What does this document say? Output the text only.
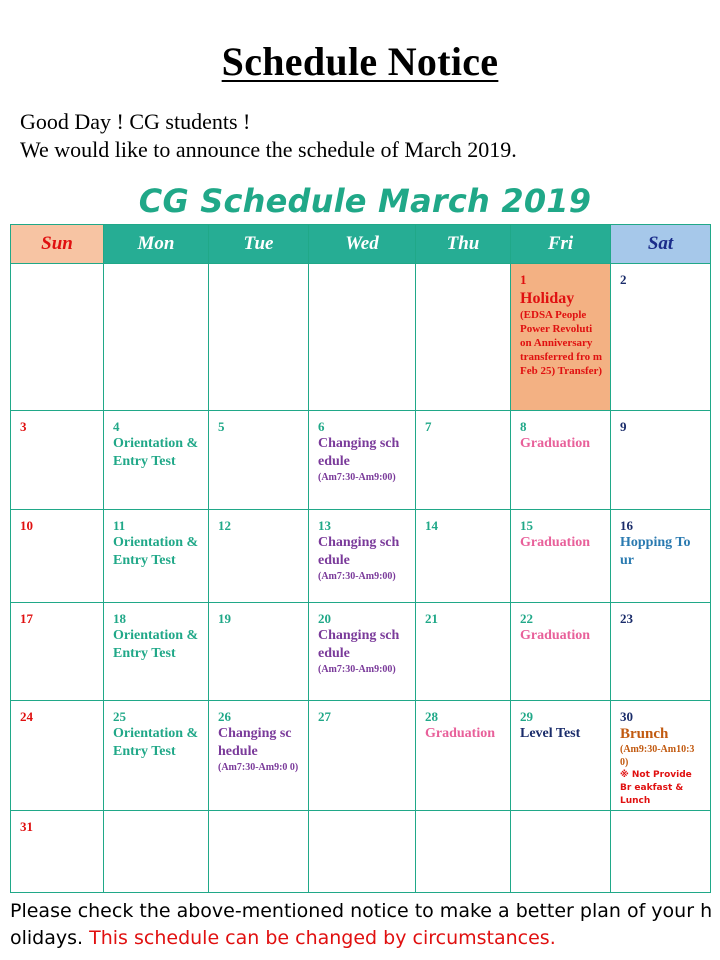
Schedule Notice
Good Day ! CG students !
We would like to announce the schedule of March 2019.
CG Schedule March 2019
Sun	Mon	Tue	Wed	Thu	Fri	Sat

					1
Holiday
(EDSA People Power Revoluti on Anniversary transferred fro m Feb 25) Transfer)	2

3	4
Orientation & Entry Test	5	6
Changing sch edule
(Am7:30-Am9:00)	7	8
Graduation	9

10	11
Orientation & Entry Test	12	13
Changing sch edule
(Am7:30-Am9:00)	14	15
Graduation	16
Hopping To ur

17	18
Orientation & Entry Test	19	20
Changing sch edule
(Am7:30-Am9:00)	21	22
Graduation	23

24	25
Orientation & Entry Test	26
Changing sc hedule
(Am7:30-Am9:0 0)	27	28
Graduation	29
Level Test	30
Brunch
(Am9:30-Am10:3 0)
※ Not Provide Br eakfast & Lunch

31						

Please check the above-mentioned notice to make a better plan of your holidays. This schedule can be changed by circumstances.
